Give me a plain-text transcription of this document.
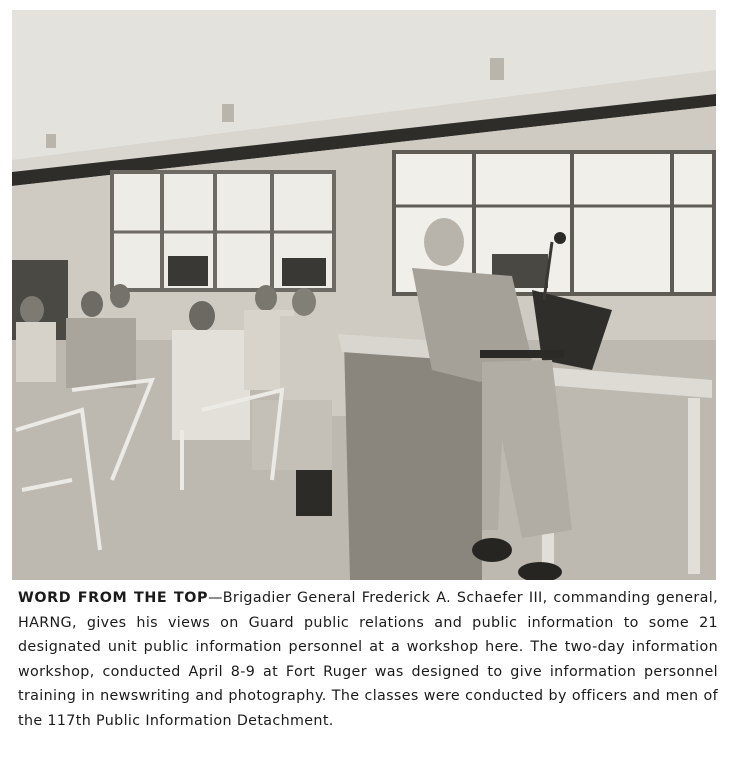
WORD FROM THE TOP—Brigadier General Frederick A. Schaefer III, commanding general, HARNG, gives his views on Guard public relations and public information to some 21 designated unit public information personnel at a workshop here. The two-day information workshop, conducted April 8-9 at Fort Ruger was designed to give information personnel training in newswriting and photography. The classes were conducted by officers and men of the 117th Public Information Detachment.
